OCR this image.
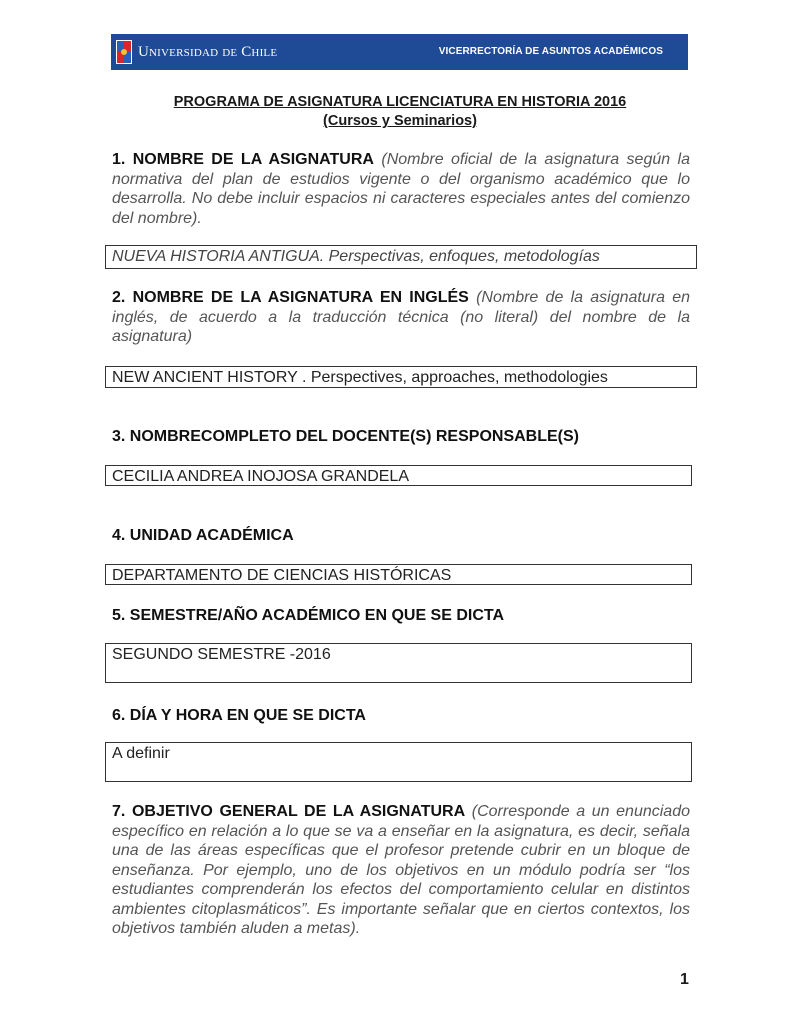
Universidad de Chile	VICERRECTORÍA DE ASUNTOS ACADÉMICOS
PROGRAMA DE ASIGNATURA LICENCIATURA EN HISTORIA 2016
(Cursos y Seminarios)
1. NOMBRE DE LA ASIGNATURA (Nombre oficial de la asignatura según la normativa del plan de estudios vigente o del organismo académico que lo desarrolla. No debe incluir espacios ni caracteres especiales antes del comienzo del nombre).
NUEVA HISTORIA ANTIGUA. Perspectivas, enfoques, metodologías
2. NOMBRE DE LA ASIGNATURA EN INGLÉS (Nombre de la asignatura en inglés, de acuerdo a la traducción técnica (no literal) del nombre de la asignatura)
NEW ANCIENT HISTORY . Perspectives, approaches, methodologies
3. NOMBRECOMPLETO DEL DOCENTE(S) RESPONSABLE(S)
CECILIA ANDREA INOJOSA GRANDELA
4. UNIDAD ACADÉMICA
DEPARTAMENTO DE CIENCIAS HISTÓRICAS
5. SEMESTRE/AÑO ACADÉMICO EN QUE SE DICTA
SEGUNDO SEMESTRE -2016
6. DÍA Y HORA EN QUE SE DICTA
A definir
7. OBJETIVO GENERAL DE LA ASIGNATURA (Corresponde a un enunciado específico en relación a lo que se va a enseñar en la asignatura, es decir, señala una de las áreas específicas que el profesor pretende cubrir en un bloque de enseñanza. Por ejemplo, uno de los objetivos en un módulo podría ser “los estudiantes comprenderán los efectos del comportamiento celular en distintos ambientes citoplasmáticos”. Es importante señalar que en ciertos contextos, los objetivos también aluden a metas).
1
